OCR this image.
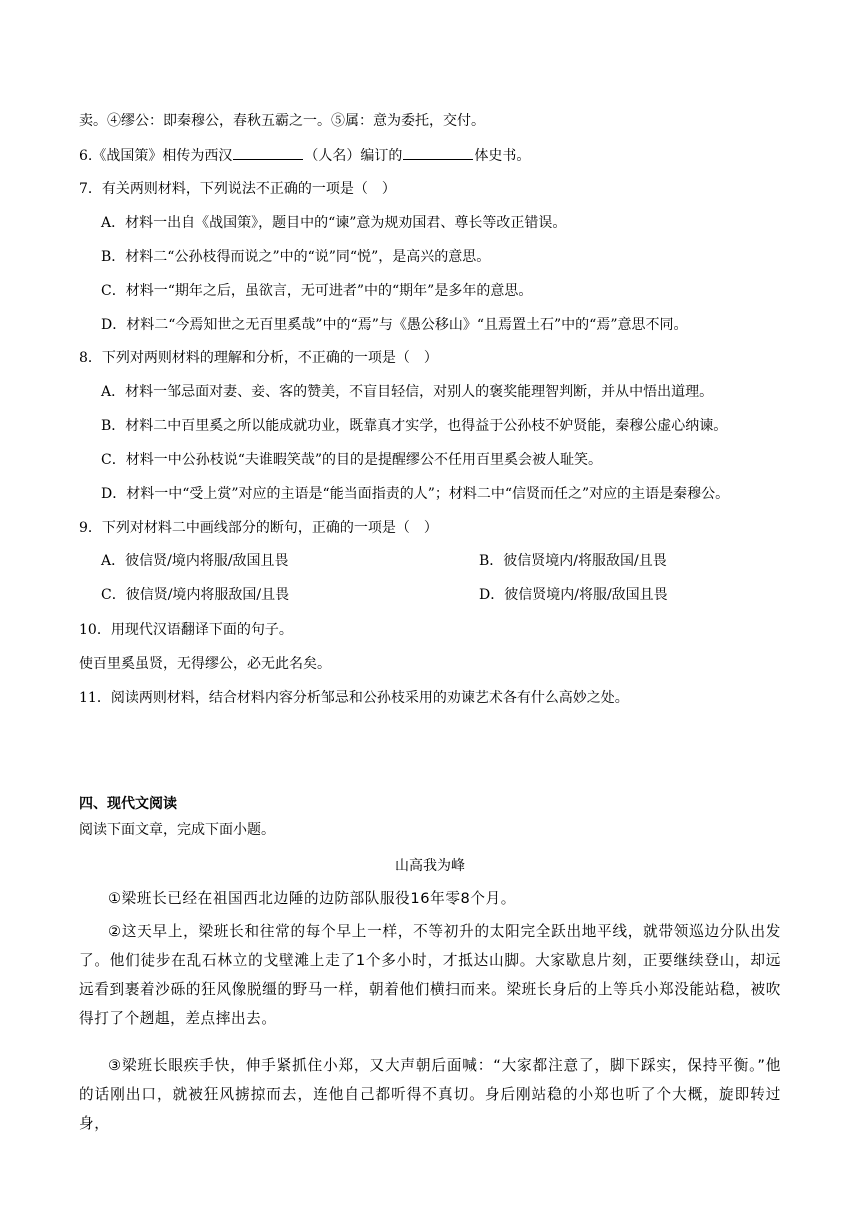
卖。④缪公：即秦穆公，春秋五霸之一。⑤属：意为委托，交付。
6.《战国策》相传为西汉	（人名）编订的	体史书。
7．有关两则材料，下列说法不正确的一项是（　）
A．材料一出自《战国策》，题目中的“谏”意为规劝国君、尊长等改正错误。
B．材料二“公孙枝得而说之”中的“说”同“悦”，是高兴的意思。
C．材料一“期年之后，虽欲言，无可进者”中的“期年”是多年的意思。
D．材料二“今焉知世之无百里奚哉”中的“焉”与《愚公移山》“且焉置土石”中的“焉”意思不同。
8．下列对两则材料的理解和分析，不正确的一项是（　）
A．材料一邹忌面对妻、妾、客的赞美，不盲目轻信，对别人的褒奖能理智判断，并从中悟出道理。
B．材料二中百里奚之所以能成就功业，既靠真才实学，也得益于公孙枝不妒贤能，秦穆公虚心纳谏。
C．材料一中公孙枝说“夫谁暇笑哉”的目的是提醒缪公不任用百里奚会被人耻笑。
D．材料一中“受上赏”对应的主语是“能当面指责的人”；材料二中“信贤而任之”对应的主语是秦穆公。
9．下列对材料二中画线部分的断句，正确的一项是（　）
A．彼信贤/境内将服/敌国且畏	B．彼信贤境内/将服敌国/且畏
C．彼信贤/境内将服敌国/且畏	D．彼信贤境内/将服/敌国且畏
10．用现代汉语翻译下面的句子。
使百里奚虽贤，无得缪公，必无此名矣。
11．阅读两则材料，结合材料内容分析邹忌和公孙枝采用的劝谏艺术各有什么高妙之处。
四、现代文阅读
阅读下面文章，完成下面小题。
山高我为峰
①梁班长已经在祖国西北边陲的边防部队服役16年零8个月。
②这天早上，梁班长和往常的每个早上一样，不等初升的太阳完全跃出地平线，就带领巡边分队出发了。他们徒步在乱石林立的戈壁滩上走了1个多小时，才抵达山脚。大家歇息片刻，正要继续登山，却远远看到裹着沙砾的狂风像脱缰的野马一样，朝着他们横扫而来。梁班长身后的上等兵小郑没能站稳，被吹得打了个趔趄，差点摔出去。
③梁班长眼疾手快，伸手紧抓住小郑，又大声朝后面喊：“大家都注意了，脚下踩实，保持平衡。”他的话刚出口，就被狂风掳掠而去，连他自己都听得不真切。身后刚站稳的小郑也听了个大概，旋即转过身，
